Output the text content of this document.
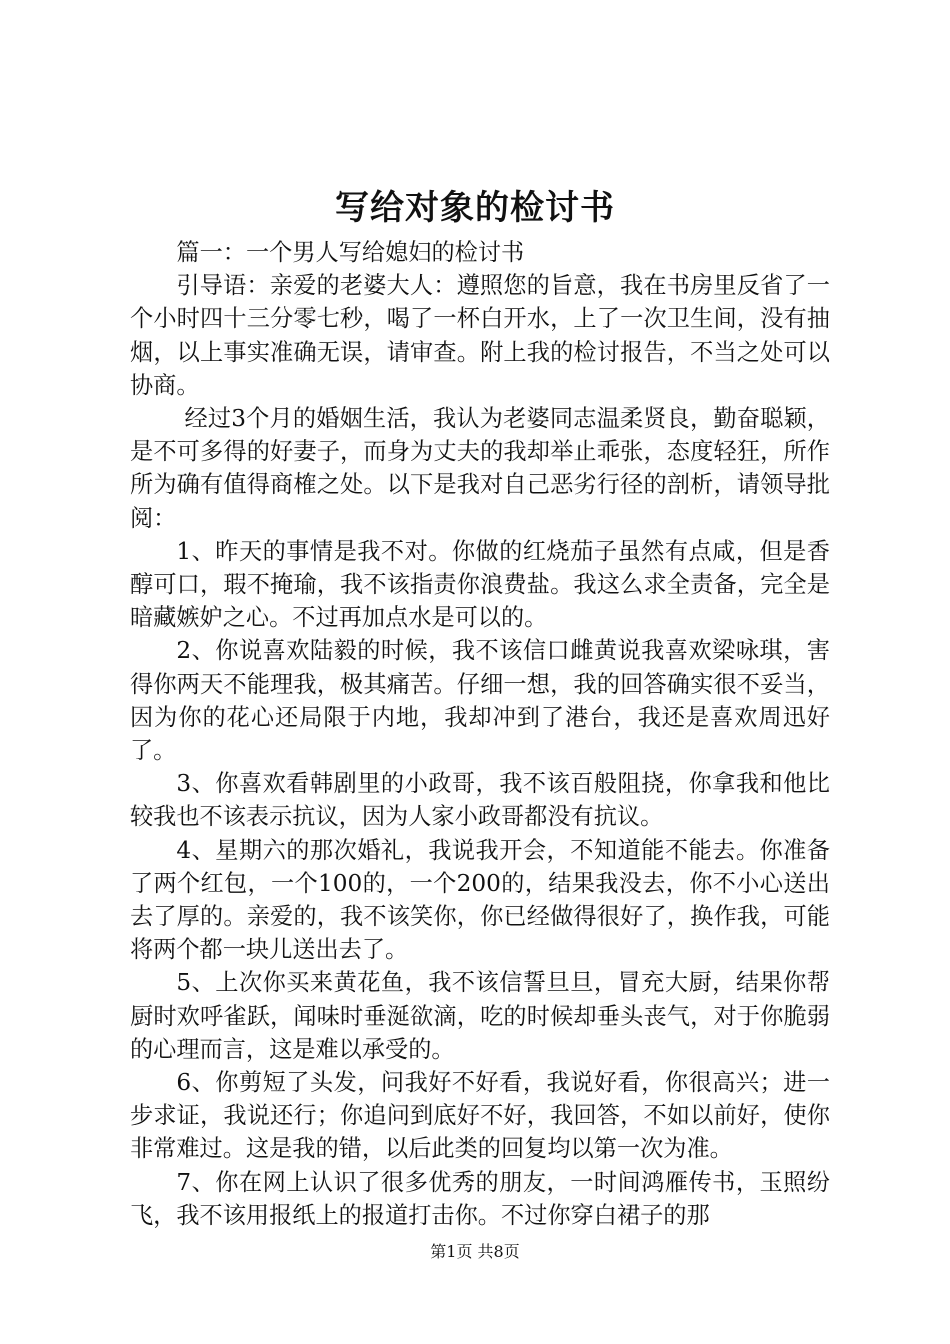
写给对象的检讨书

篇一：一个男人写给媳妇的检讨书

引导语：亲爱的老婆大人：遵照您的旨意，我在书房里反省了一个小时四十三分零七秒，喝了一杯白开水，上了一次卫生间，没有抽烟，以上事实准确无误，请审查。附上我的检讨报告，不当之处可以协商。

经过3个月的婚姻生活，我认为老婆同志温柔贤良，勤奋聪颖，是不可多得的好妻子，而身为丈夫的我却举止乖张，态度轻狂，所作所为确有值得商榷之处。以下是我对自己恶劣行径的剖析，请领导批阅：

1、昨天的事情是我不对。你做的红烧茄子虽然有点咸，但是香醇可口，瑕不掩瑜，我不该指责你浪费盐。我这么求全责备，完全是暗藏嫉妒之心。不过再加点水是可以的。

2、你说喜欢陆毅的时候，我不该信口雌黄说我喜欢梁咏琪，害得你两天不能理我，极其痛苦。仔细一想，我的回答确实很不妥当，因为你的花心还局限于内地，我却冲到了港台，我还是喜欢周迅好了。

3、你喜欢看韩剧里的小政哥，我不该百般阻挠，你拿我和他比较我也不该表示抗议，因为人家小政哥都没有抗议。

4、星期六的那次婚礼，我说我开会，不知道能不能去。你准备了两个红包，一个100的，一个200的，结果我没去，你不小心送出去了厚的。亲爱的，我不该笑你，你已经做得很好了，换作我，可能将两个都一块儿送出去了。

5、上次你买来黄花鱼，我不该信誓旦旦，冒充大厨，结果你帮厨时欢呼雀跃，闻味时垂涎欲滴，吃的时候却垂头丧气，对于你脆弱的心理而言，这是难以承受的。

6、你剪短了头发，问我好不好看，我说好看，你很高兴；进一步求证，我说还行；你追问到底好不好，我回答，不如以前好，使你非常难过。这是我的错，以后此类的回复均以第一次为准。

7、你在网上认识了很多优秀的朋友，一时间鸿雁传书，玉照纷飞，我不该用报纸上的报道打击你。不过你穿白裙子的那

第1页 共8页
